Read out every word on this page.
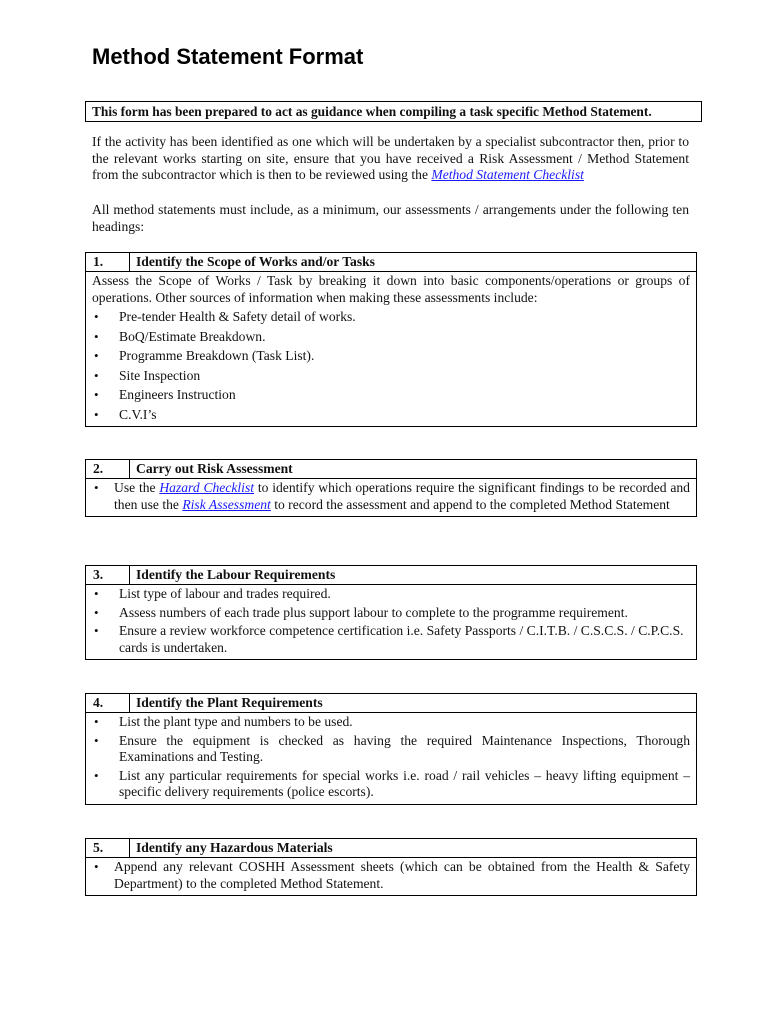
Method Statement Format
This form has been prepared to act as guidance when compiling a task specific Method Statement.

If the activity has been identified as one which will be undertaken by a specialist subcontractor then, prior to the relevant works starting on site, ensure that you have received a Risk Assessment / Method Statement from the subcontractor which is then to be reviewed using the Method Statement Checklist

All method statements must include, as a minimum, our assessments / arrangements under the following ten headings:

1.	Identify the Scope of Works and/or Tasks

Assess the Scope of Works / Task by breaking it down into basic components/operations or groups of operations. Other sources of information when making these assessments include:

• Pre-tender Health & Safety detail of works.
• BoQ/Estimate Breakdown.
• Programme Breakdown (Task List).
• Site Inspection
• Engineers Instruction
• C.V.I’s
2.	Carry out Risk Assessment
• Use the Hazard Checklist to identify which operations require the significant findings to be recorded and then use the Risk Assessment to record the assessment and append to the completed Method Statement
3.	Identify the Labour Requirements
• List type of labour and trades required.
• Assess numbers of each trade plus support labour to complete to the programme requirement.
• Ensure a review workforce competence certification i.e. Safety Passports / C.I.T.B. / C.S.C.S. / C.P.C.S. cards is undertaken.
4.	Identify the Plant Requirements
• List the plant type and numbers to be used.
• Ensure the equipment is checked as having the required Maintenance Inspections, Thorough Examinations and Testing.
• List any particular requirements for special works i.e. road / rail vehicles – heavy lifting equipment – specific delivery requirements (police escorts).
5.	Identify any Hazardous Materials
• Append any relevant COSHH Assessment sheets (which can be obtained from the Health & Safety Department) to the completed Method Statement.
